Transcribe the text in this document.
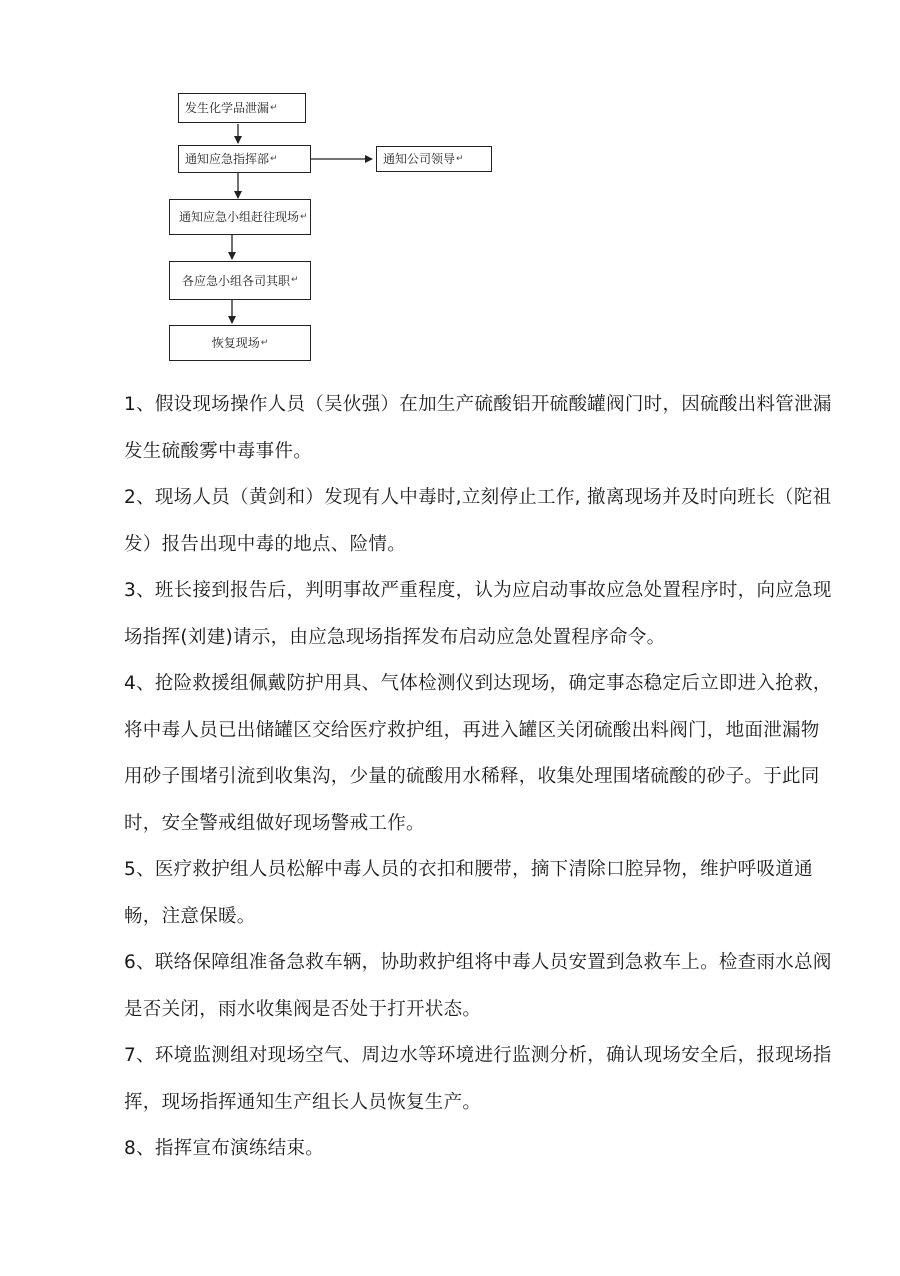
发生化学品泄漏 ↵
通知应急指挥部 ↵	通知公司领导 ↵
通知应急小组赶往现场 ↵
各应急小组各司其职 ↵
恢复现场 ↵

1、假设现场操作人员（吴伙强）在加生产硫酸铝开硫酸罐阀门时，因硫酸出料管泄漏发生硫酸雾中毒事件。

2、现场人员（黄剑和）发现有人中毒时,立刻停止工作, 撤离现场并及时向班长（陀祖发）报告出现中毒的地点、险情。

3、班长接到报告后，判明事故严重程度，认为应启动事故应急处置程序时，向应急现场指挥(刘建)请示，由应急现场指挥发布启动应急处置程序命令。

4、抢险救援组佩戴防护用具、气体检测仪到达现场，确定事态稳定后立即进入抢救，将中毒人员已出储罐区交给医疗救护组，再进入罐区关闭硫酸出料阀门，地面泄漏物用砂子围堵引流到收集沟，少量的硫酸用水稀释，收集处理围堵硫酸的砂子。于此同时，安全警戒组做好现场警戒工作。

5、医疗救护组人员松解中毒人员的衣扣和腰带，摘下清除口腔异物，维护呼吸道通畅，注意保暖。

6、联络保障组准备急救车辆，协助救护组将中毒人员安置到急救车上。检查雨水总阀是否关闭，雨水收集阀是否处于打开状态。

7、环境监测组对现场空气、周边水等环境进行监测分析，确认现场安全后，报现场指挥，现场指挥通知生产组长人员恢复生产。

8、指挥宣布演练结束。
